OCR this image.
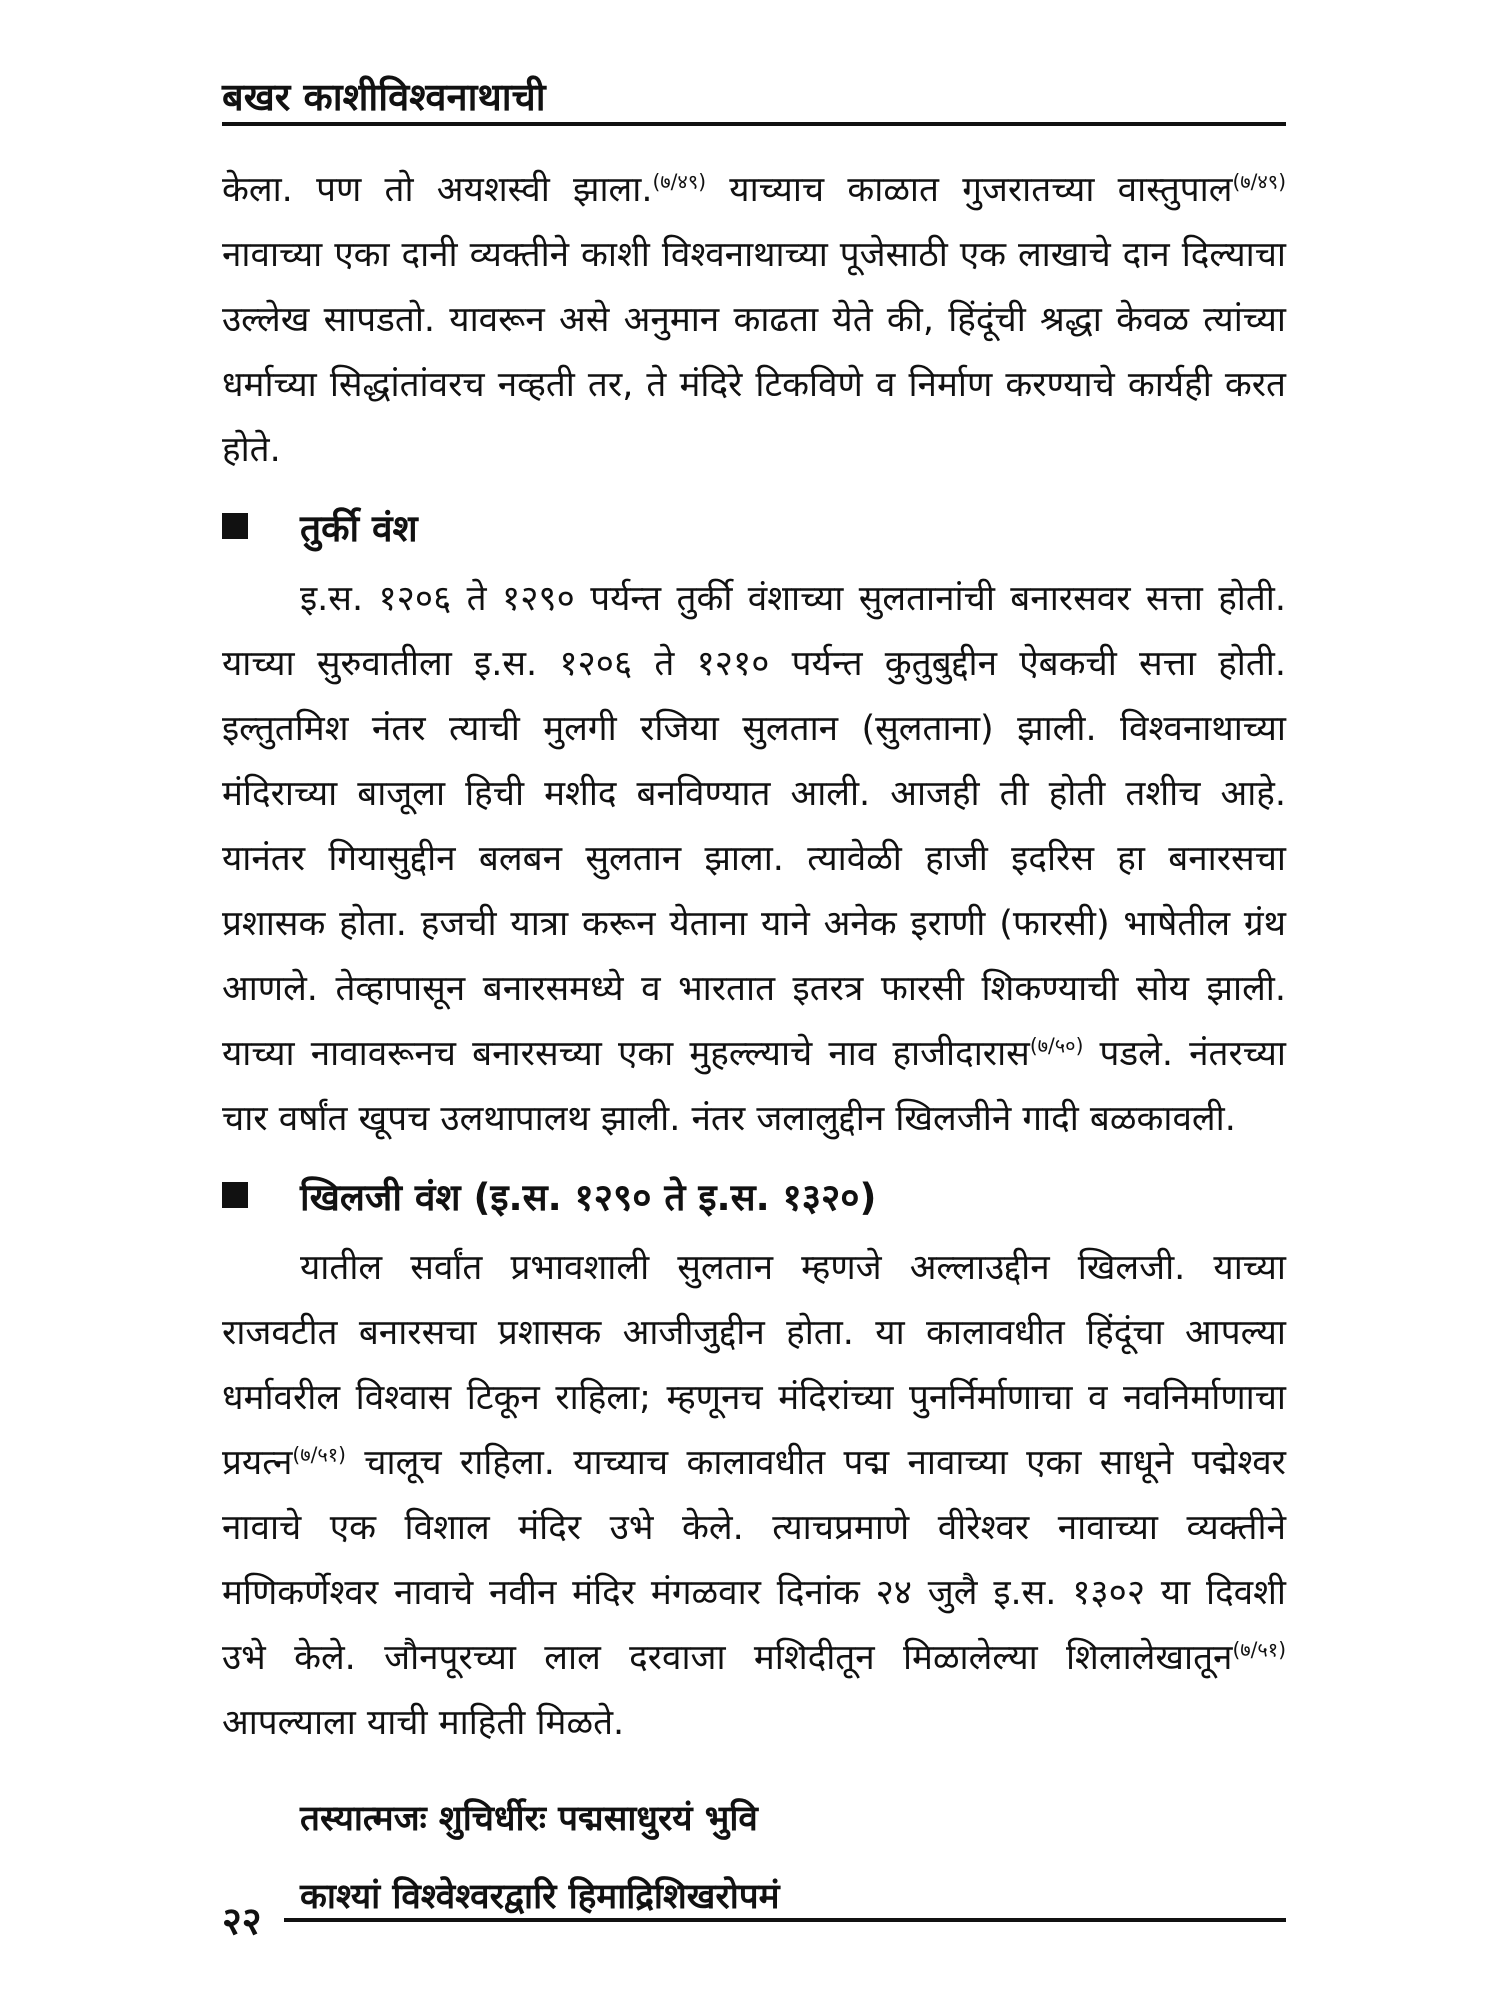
बखर काशीविश्वनाथाची

केला. पण तो अयशस्वी झाला.$^{(७/४९)}$ याच्याच काळात गुजरातच्या वास्तुपाल$^{(७/४९)}$ नावाच्या एका दानी व्यक्तीने काशी विश्वनाथाच्या पूजेसाठी एक लाखाचे दान दिल्याचा उल्लेख सापडतो. यावरून असे अनुमान काढता येते की, हिंदूंची श्रद्धा केवळ त्यांच्या धर्माच्या सिद्धांतांवरच नव्हती तर, ते मंदिरे टिकविणे व निर्माण करण्याचे कार्यही करत होते.

तुर्की वंश

इ.स. १२०६ ते १२९० पर्यन्त तुर्की वंशाच्या सुलतानांची बनारसवर सत्ता होती. याच्या सुरुवातीला इ.स. १२०६ ते १२१० पर्यन्त कुतुबुद्दीन ऐबकची सत्ता होती. इल्तुतमिश नंतर त्याची मुलगी रजिया सुलतान (सुलताना) झाली. विश्वनाथाच्या मंदिराच्या बाजूला हिची मशीद बनविण्यात आली. आजही ती होती तशीच आहे. यानंतर गियासुद्दीन बलबन सुलतान झाला. त्यावेळी हाजी इदरिस हा बनारसचा प्रशासक होता. हजची यात्रा करून येताना याने अनेक इराणी (फारसी) भाषेतील ग्रंथ आणले. तेव्हापासून बनारसमध्ये व भारतात इतरत्र फारसी शिकण्याची सोय झाली. याच्या नावावरूनच बनारसच्या एका मुहल्ल्याचे नाव हाजीदारास$^{(७/५०)}$ पडले. नंतरच्या चार वर्षांत खूपच उलथापालथ झाली. नंतर जलालुद्दीन खिलजीने गादी बळकावली.

खिलजी वंश (इ.स. १२९० ते इ.स. १३२०)

यातील सर्वांत प्रभावशाली सुलतान म्हणजे अल्लाउद्दीन खिलजी. याच्या राजवटीत बनारसचा प्रशासक आजीजुद्दीन होता. या कालावधीत हिंदूंचा आपल्या धर्मावरील विश्वास टिकून राहिला; म्हणूनच मंदिरांच्या पुनर्निर्माणाचा व नवनिर्माणाचा प्रयत्न$^{(७/५१)}$ चालूच राहिला. याच्याच कालावधीत पद्म नावाच्या एका साधूने पद्मेश्वर नावाचे एक विशाल मंदिर उभे केले. त्याचप्रमाणे वीरेश्वर नावाच्या व्यक्तीने मणिकर्णेश्वर नावाचे नवीन मंदिर मंगळवार दिनांक २४ जुलै इ.स. १३०२ या दिवशी उभे केले. जौनपूरच्या लाल दरवाजा मशिदीतून मिळालेल्या शिलालेखातून$^{(७/५१)}$ आपल्याला याची माहिती मिळते.

तस्यात्मजः शुचिर्धीरः पद्मसाधुरयं भुवि
काश्यां विश्वेश्वरद्वारि हिमाद्रिशिखरोपमं
२२
